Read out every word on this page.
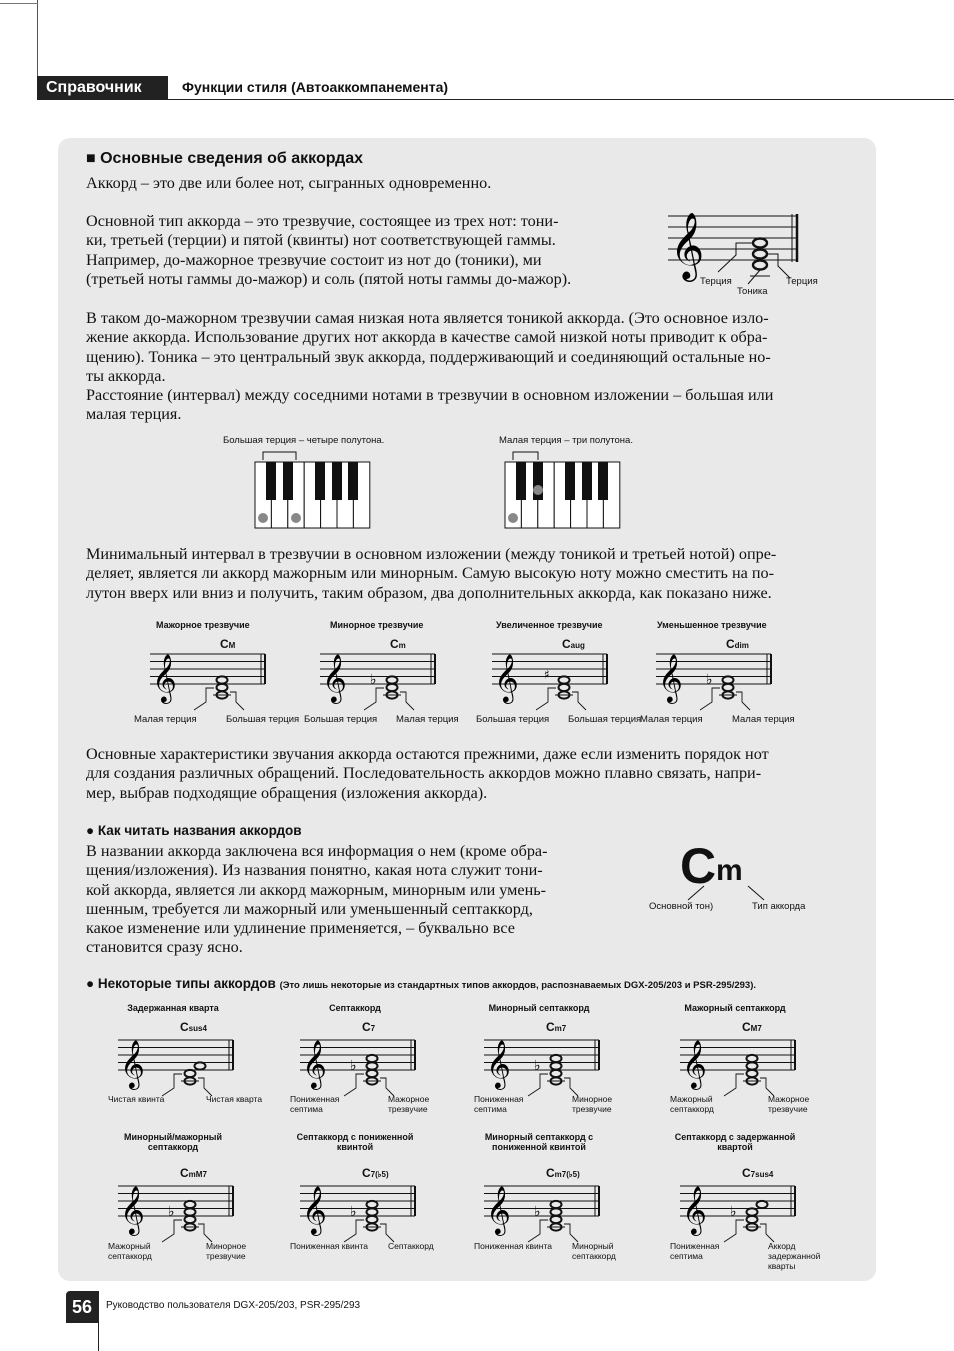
Справочник	Функции стиля (Автоаккомпанемента)
■ Основные сведения об аккордах
Аккорд – это две или более нот, сыгранных одновременно.
Основной тип аккорда – это трезвучие, состоящее из трех нот: тони-
ки, третьей (терции) и пятой (квинты) нот соответствующей гаммы.
Например, до-мажорное трезвучие состоит из нот до (тоники), ми
(третьей ноты гаммы до-мажор) и соль (пятой ноты гаммы до-мажор).	𝄞
Терция
Тоника
Терция
В таком до-мажорном трезвучии самая низкая нота является тоникой аккорда. (Это основное изло-
жение аккорда. Использование других нот аккорда в качестве самой низкой ноты приводит к обра-
щению). Тоника – это центральный звук аккорда, поддерживающий и соединяющий остальные но-
ты аккорда.
Расстояние (интервал) между соседними нотами в трезвучии в основном изложении – большая или
малая терция.
Большая терция – четыре полутона.	Малая терция – три полутона.
Минимальный интервал в трезвучии в основном изложении (между тоникой и третьей нотой) опре-
деляет, является ли аккорд мажорным или минорным. Самую высокую ноту можно сместить на по-
лутон вверх или вниз и получить, таким образом, два дополнительных аккорда, как показано ниже.
Мажорное трезвучие	Минорное трезвучие	Увеличенное трезвучие	Уменьшенное трезвучие
Основные характеристики звучания аккорда остаются прежними, даже если изменить порядок нот
для создания различных обращений. Последовательность аккордов можно плавно связать, напри-
мер, выбрав подходящие обращения (изложения аккорда).
● Как читать названия аккордов
В названии аккорда заключена вся информация о нем (кроме обра-
щения/изложения). Из названия понятно, какая нота служит тони-
кой аккорда, является ли аккорд мажорным, минорным или умень-
шенным, требуется ли мажорный или уменьшенный септаккорд,
какое изменение или удлинение применяется, – буквально все
становится сразу ясно.
C m
Основной тон)	Тип аккорда
● Некоторые типы аккордов (Это лишь некоторые из стандартных типов аккордов, распознаваемых DGX-205/203 и PSR-295/293).
56	Руководство пользователя DGX-205/203, PSR-295/293
𝄞
CM
Малая терция	Большая терция
𝄞 ♭
Cm
Большая терция Малая терция
𝄞 ♯
Caug
Большая терция Большая терция
𝄞 ♭
Cdim
Малая терция	Малая терция
Задержанная кварта
𝄞
Csus4
Чистая квинта	Чистая кварта
Септаккорд
𝄞 ♭
C7
Пониженная септима
Мажорное трезвучие
Минорный септаккорд
𝄞 ♭
Cm7
Пониженная септима
Минорное трезвучие
Мажорный септаккорд
𝄞
CM7
Мажорный септаккорд
Мажорное трезвучие
Минорный/мажорный септаккорд
𝄞 ♭
CmM7
Мажорный септаккорд
Минорное трезвучие
Септаккорд с пониженной квинтой
𝄞 ♭
C7(♭5)
Пониженная квинта Септаккорд
Минорный септаккорд с пониженной квинтой
𝄞 ♭
Cm7(♭5)
Пониженная квинта Минорный септаккорд
Септаккорд с задержанной квартой
𝄞 ♭
C7sus4
Пониженная септима
Аккорд задержанной кварты
